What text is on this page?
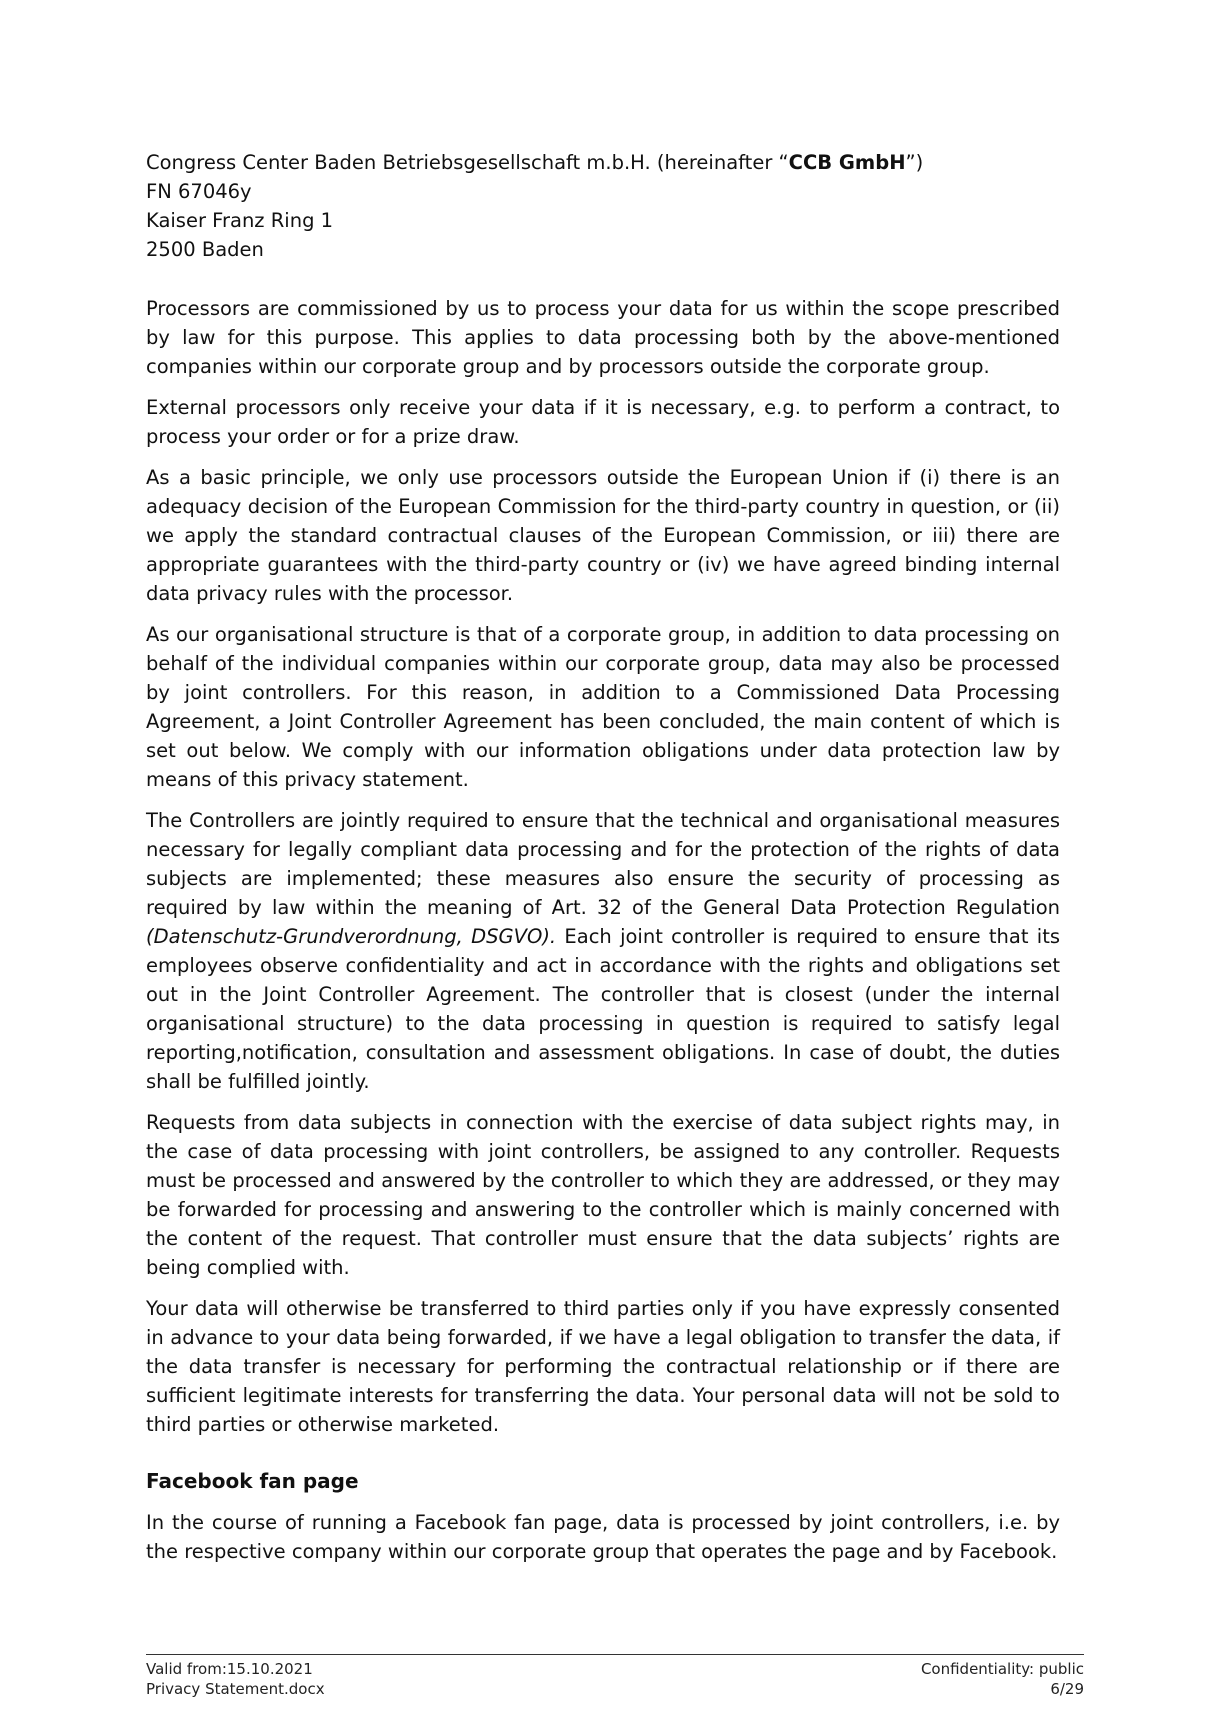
Congress Center Baden Betriebsgesellschaft m.b.H. (hereinafter “CCB GmbH”)
FN 67046y
Kaiser Franz Ring 1
2500 Baden

Processors are commissioned by us to process your data for us within the scope prescribed by law for this purpose. This applies to data processing both by the above-mentioned companies within our corporate group and by processors outside the corporate group.

External processors only receive your data if it is necessary, e.g. to perform a contract, to process your order or for a prize draw.

As a basic principle, we only use processors outside the European Union if (i) there is an adequacy decision of the European Commission for the third-party country in question, or (ii) we apply the standard contractual clauses of the European Commission, or iii) there are appropriate guarantees with the third-party country or (iv) we have agreed binding internal data privacy rules with the processor.

As our organisational structure is that of a corporate group, in addition to data processing on behalf of the individual companies within our corporate group, data may also be processed by joint controllers. For this reason, in addition to a Commissioned Data Processing Agreement, a Joint Controller Agreement has been concluded, the main content of which is set out below. We comply with our information obligations under data protection law by means of this privacy statement.

The Controllers are jointly required to ensure that the technical and organisational measures necessary for legally compliant data processing and for the protection of the rights of data subjects are implemented; these measures also ensure the security of processing as required by law within the meaning of Art. 32 of the General Data Protection Regulation (Datenschutz-Grundverordnung, DSGVO). Each joint controller is required to ensure that its employees observe confidentiality and act in accordance with the rights and obligations set out in the Joint Controller Agreement. The controller that is closest (under the internal organisational structure) to the data processing in question is required to satisfy legal reporting,notification, consultation and assessment obligations. In case of doubt, the duties shall be fulfilled jointly.

Requests from data subjects in connection with the exercise of data subject rights may, in the case of data processing with joint controllers, be assigned to any controller. Requests must be processed and answered by the controller to which they are addressed, or they may be forwarded for processing and answering to the controller which is mainly concerned with the content of the request. That controller must ensure that the data subjects’ rights are being complied with.

Your data will otherwise be transferred to third parties only if you have expressly consented in advance to your data being forwarded, if we have a legal obligation to transfer the data, if the data transfer is necessary for performing the contractual relationship or if there are sufficient legitimate interests for transferring the data. Your personal data will not be sold to third parties or otherwise marketed.

Facebook fan page

In the course of running a Facebook fan page, data is processed by joint controllers, i.e. by the respective company within our corporate group that operates the page and by Facebook.

Valid from:15.10.2021
Privacy Statement.docx
Confidentiality: public
6/29
